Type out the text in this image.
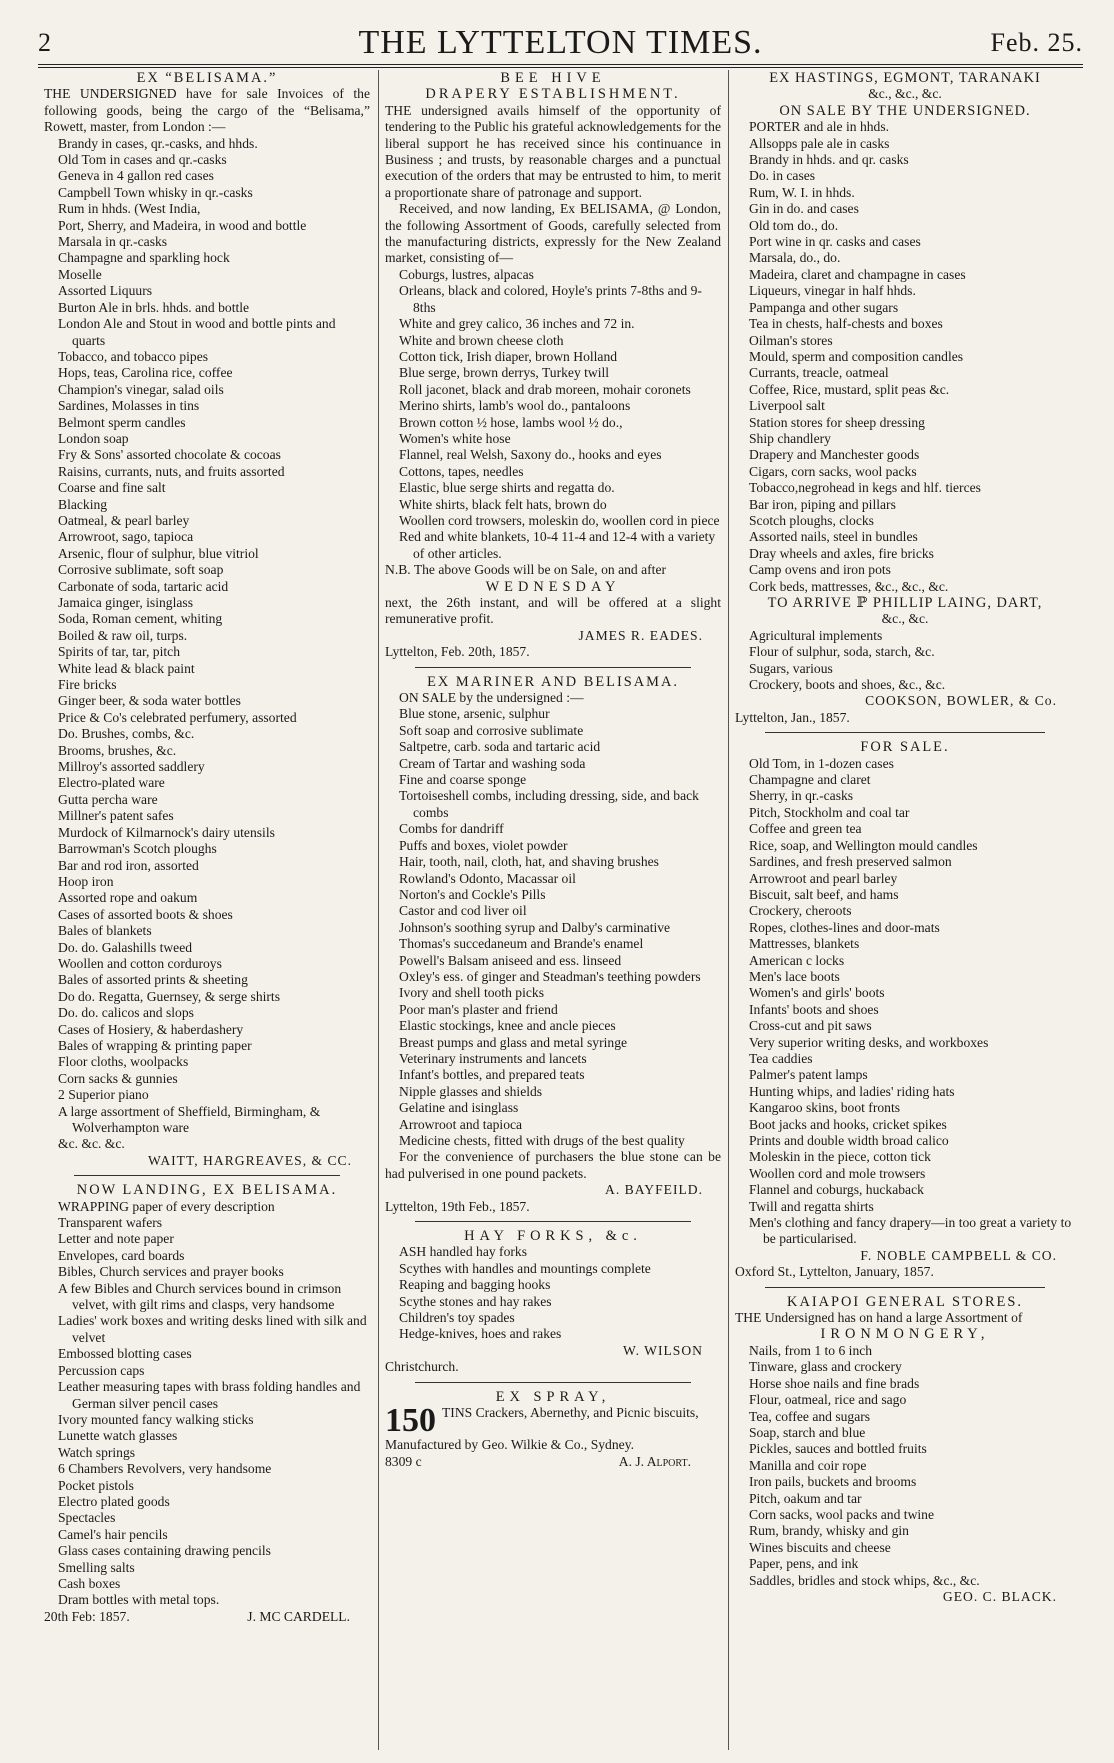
2	THE LYTTELTON TIMES.	Feb. 25.
EX “BELISAMA.”
THE UNDERSIGNED have for sale Invoices of the following goods, being the cargo of the “Belisama,” Rowett, master, from London :—
Brandy in cases, qr.-casks, and hhds.
Old Tom in cases and qr.-casks
Geneva in 4 gallon red cases
Campbell Town whisky in qr.-casks
Rum in hhds. (West India,
Port, Sherry, and Madeira, in wood and bottle
Marsala in qr.-casks
Champagne and sparkling hock
Moselle
Assorted Liquurs
Burton Ale in brls. hhds. and bottle
London Ale and Stout in wood and bottle pints and quarts
Tobacco, and tobacco pipes
Hops, teas, Carolina rice, coffee
Champion's vinegar, salad oils
Sardines, Molasses in tins
Belmont sperm candles
London soap
Fry & Sons' assorted chocolate & cocoas
Raisins, currants, nuts, and fruits assorted
Coarse and fine salt
Blacking
Oatmeal, & pearl barley
Arrowroot, sago, tapioca
Arsenic, flour of sulphur, blue vitriol
Corrosive sublimate, soft soap
Carbonate of soda, tartaric acid
Jamaica ginger, isinglass
Soda, Roman cement, whiting
Boiled & raw oil, turps.
Spirits of tar, tar, pitch
White lead & black paint
Fire bricks
Ginger beer, & soda water bottles
Price & Co's celebrated perfumery, assorted
Do. Brushes, combs, &c.
Brooms, brushes, &c.
Millroy's assorted saddlery
Electro-plated ware
Gutta percha ware
Millner's patent safes
Murdock of Kilmarnock's dairy utensils
Barrowman's Scotch ploughs
Bar and rod iron, assorted
Hoop iron
Assorted rope and oakum
Cases of assorted boots & shoes
Bales of blankets
Do. do. Galashills tweed
Woollen and cotton corduroys
Bales of assorted prints & sheeting
Do do. Regatta, Guernsey, & serge shirts
Do. do. calicos and slops
Cases of Hosiery, & haberdashery
Bales of wrapping & printing paper
Floor cloths, woolpacks
Corn sacks & gunnies
2 Superior piano
A large assortment of Sheffield, Birmingham, & Wolverhampton ware
&c. &c. &c.
WAITT, HARGREAVES, & CC.
NOW LANDING, EX BELISAMA.
WRAPPING paper of every description
Transparent wafers
Letter and note paper
Envelopes, card boards
Bibles, Church services and prayer books
A few Bibles and Church services bound in crimson velvet, with gilt rims and clasps, very handsome
Ladies' work boxes and writing desks lined with silk and velvet
Embossed blotting cases
Percussion caps
Leather measuring tapes with brass folding handles and German silver pencil cases
Ivory mounted fancy walking sticks
Lunette watch glasses
Watch springs
6 Chambers Revolvers, very handsome
Pocket pistols
Electro plated goods
Spectacles
Camel's hair pencils
Glass cases containing drawing pencils
Smelling salts
Cash boxes
Dram bottles with metal tops.
20th Feb: 1857.	J. MC CARDELL.
BEE HIVE
DRAPERY ESTABLISHMENT.
THE undersigned avails himself of the opportunity of tendering to the Public his grateful acknowledgements for the liberal support he has received since his continuance in Business ; and trusts, by reasonable charges and a punctual execution of the orders that may be entrusted to him, to merit a proportionate share of patronage and support.
Received, and now landing, Ex BELISAMA, @ London, the following Assortment of Goods, carefully selected from the manufacturing districts, expressly for the New Zealand market, consisting of—
Coburgs, lustres, alpacas
Orleans, black and colored, Hoyle's prints 7-8ths and 9-8ths
White and grey calico, 36 inches and 72 in.
White and brown cheese cloth
Cotton tick, Irish diaper, brown Holland
Blue serge, brown derrys, Turkey twill
Roll jaconet, black and drab moreen, mohair coronets
Merino shirts, lamb's wool do., pantaloons
Brown cotton ½ hose, lambs wool ½ do.,
Women's white hose
Flannel, real Welsh, Saxony do., hooks and eyes
Cottons, tapes, needles
Elastic, blue serge shirts and regatta do.
White shirts, black felt hats, brown do
Woollen cord trowsers, moleskin do, woollen cord in piece
Red and white blankets, 10-4 11-4 and 12-4 with a variety of other articles.
N.B. The above Goods will be on Sale, on and after
WEDNESDAY
next, the 26th instant, and will be offered at a slight remunerative profit.
JAMES R. EADES.
Lyttelton, Feb. 20th, 1857.
EX MARINER AND BELISAMA.
ON SALE by the undersigned :—
Blue stone, arsenic, sulphur
Soft soap and corrosive sublimate
Saltpetre, carb. soda and tartaric acid
Cream of Tartar and washing soda
Fine and coarse sponge
Tortoiseshell combs, including dressing, side, and back combs
Combs for dandriff
Puffs and boxes, violet powder
Hair, tooth, nail, cloth, hat, and shaving brushes
Rowland's Odonto, Macassar oil
Norton's and Cockle's Pills
Castor and cod liver oil
Johnson's soothing syrup and Dalby's carminative
Thomas's succedaneum and Brande's enamel
Powell's Balsam aniseed and ess. linseed
Oxley's ess. of ginger and Steadman's teething powders
Ivory and shell tooth picks
Poor man's plaster and friend
Elastic stockings, knee and ancle pieces
Breast pumps and glass and metal syringe
Veterinary instruments and lancets
Infant's bottles, and prepared teats
Nipple glasses and shields
Gelatine and isinglass
Arrowroot and tapioca
Medicine chests, fitted with drugs of the best quality
For the convenience of purchasers the blue stone can be had pulverised in one pound packets.
A. BAYFEILD.
Lyttelton, 19th Feb., 1857.
HAY FORKS, &c.
ASH handled hay forks
Scythes with handles and mountings complete
Reaping and bagging hooks
Scythe stones and hay rakes
Children's toy spades
Hedge-knives, hoes and rakes
W. WILSON
Christchurch.
EX SPRAY,
150 TINS Crackers, Abernethy, and Picnic biscuits,
Manufactured by Geo. Wilkie & Co., Sydney.
8309 c	A. J. Alport.
EX HASTINGS, EGMONT, TARANAKI
&c., &c., &c.
ON SALE BY THE UNDERSIGNED.
PORTER and ale in hhds.
Allsopps pale ale in casks
Brandy in hhds. and qr. casks
Do. in cases
Rum, W. I. in hhds.
Gin in do. and cases
Old tom do., do.
Port wine in qr. casks and cases
Marsala, do., do.
Madeira, claret and champagne in cases
Liqueurs, vinegar in half hhds.
Pampanga and other sugars
Tea in chests, half-chests and boxes
Oilman's stores
Mould, sperm and composition candles
Currants, treacle, oatmeal
Coffee, Rice, mustard, split peas &c.
Liverpool salt
Station stores for sheep dressing
Ship chandlery
Drapery and Manchester goods
Cigars, corn sacks, wool packs
Tobacco,negrohead in kegs and hlf. tierces
Bar iron, piping and pillars
Scotch ploughs, clocks
Assorted nails, steel in bundles
Dray wheels and axles, fire bricks
Camp ovens and iron pots
Cork beds, mattresses, &c., &c., &c.
TO ARRIVE ℙ PHILLIP LAING, DART,
&c., &c.
Agricultural implements
Flour of sulphur, soda, starch, &c.
Sugars, various
Crockery, boots and shoes, &c., &c.
COOKSON, BOWLER, & Co.
Lyttelton, Jan., 1857.
FOR SALE.
Old Tom, in 1-dozen cases
Champagne and claret
Sherry, in qr.-casks
Pitch, Stockholm and coal tar
Coffee and green tea
Rice, soap, and Wellington mould candles
Sardines, and fresh preserved salmon
Arrowroot and pearl barley
Biscuit, salt beef, and hams
Crockery, cheroots
Ropes, clothes-lines and door-mats
Mattresses, blankets
American c locks
Men's lace boots
Women's and girls' boots
Infants' boots and shoes
Cross-cut and pit saws
Very superior writing desks, and workboxes
Tea caddies
Palmer's patent lamps
Hunting whips, and ladies' riding hats
Kangaroo skins, boot fronts
Boot jacks and hooks, cricket spikes
Prints and double width broad calico
Moleskin in the piece, cotton tick
Woollen cord and mole trowsers
Flannel and coburgs, huckaback
Twill and regatta shirts
Men's clothing and fancy drapery—in too great a variety to be particularised.
F. NOBLE CAMPBELL & CO.
Oxford St., Lyttelton, January, 1857.
KAIAPOI GENERAL STORES.
THE Undersigned has on hand a large Assortment of
IRONMONGERY,
Nails, from 1 to 6 inch
Tinware, glass and crockery
Horse shoe nails and fine brads
Flour, oatmeal, rice and sago
Tea, coffee and sugars
Soap, starch and blue
Pickles, sauces and bottled fruits
Manilla and coir rope
Iron pails, buckets and brooms
Pitch, oakum and tar
Corn sacks, wool packs and twine
Rum, brandy, whisky and gin
Wines biscuits and cheese
Paper, pens, and ink
Saddles, bridles and stock whips, &c., &c.
GEO. C. BLACK.
